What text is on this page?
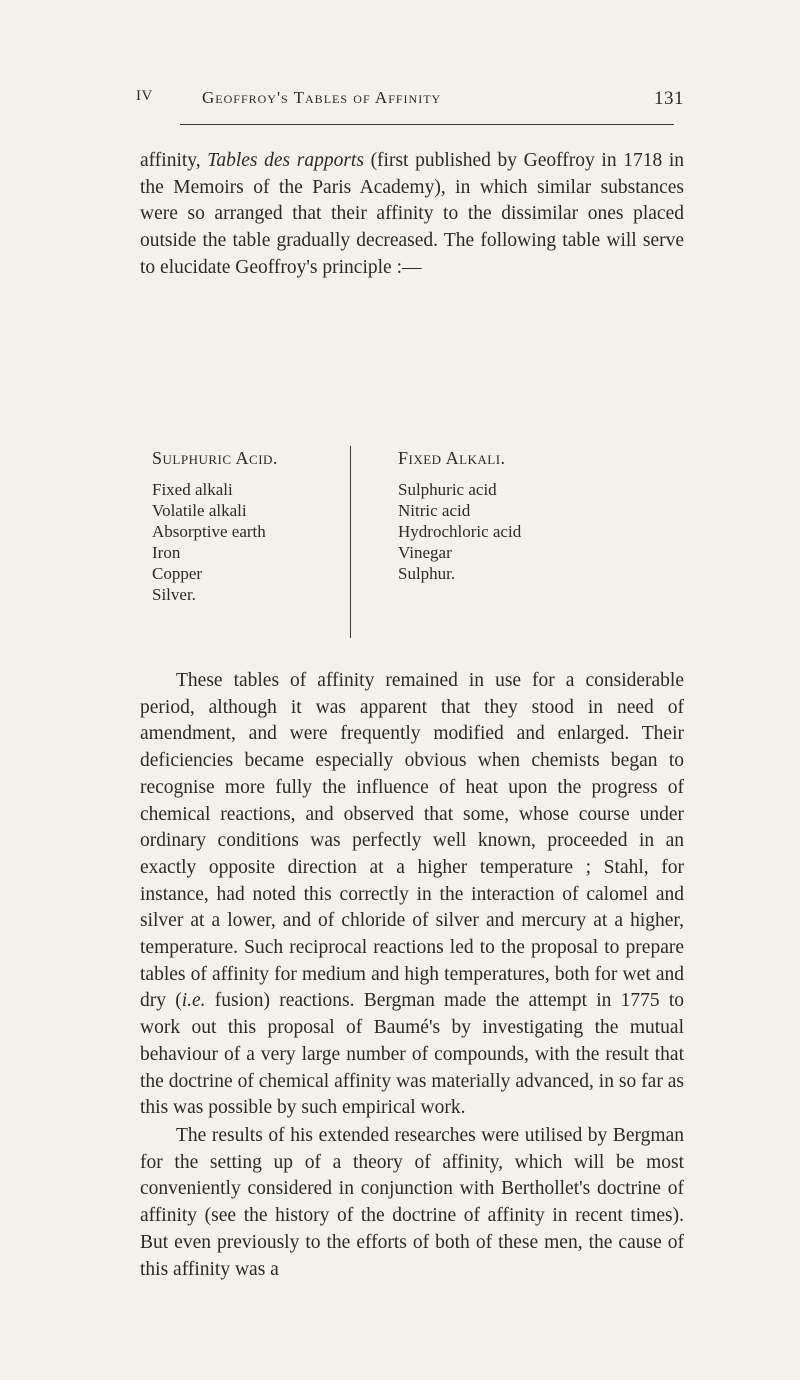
IV	Geoffroy's Tables of Affinity	131
affinity, Tables des rapports (first published by Geoffroy in 1718 in the Memoirs of the Paris Academy), in which similar substances were so arranged that their affinity to the dissimilar ones placed outside the table gradually decreased. The following table will serve to elucidate Geoffroy's principle :—
Sulphuric Acid.
Fixed alkali
Volatile alkali
Absorptive earth
Iron
Copper
Silver.
Fixed Alkali.
Sulphuric acid
Nitric acid
Hydrochloric acid
Vinegar
Sulphur.
These tables of affinity remained in use for a considerable period, although it was apparent that they stood in need of amendment, and were frequently modified and enlarged. Their deficiencies became especially obvious when chemists began to recognise more fully the influence of heat upon the progress of chemical reactions, and observed that some, whose course under ordinary conditions was perfectly well known, proceeded in an exactly opposite direction at a higher temperature ; Stahl, for instance, had noted this correctly in the interaction of calomel and silver at a lower, and of chloride of silver and mercury at a higher, temperature. Such reciprocal reactions led to the proposal to prepare tables of affinity for medium and high temperatures, both for wet and dry (i.e. fusion) reactions. Bergman made the attempt in 1775 to work out this proposal of Baumé's by investigating the mutual behaviour of a very large number of compounds, with the result that the doctrine of chemical affinity was materially advanced, in so far as this was possible by such empirical work.
The results of his extended researches were utilised by Bergman for the setting up of a theory of affinity, which will be most conveniently considered in conjunction with Berthollet's doctrine of affinity (see the history of the doctrine of affinity in recent times). But even previously to the efforts of both of these men, the cause of this affinity was a
